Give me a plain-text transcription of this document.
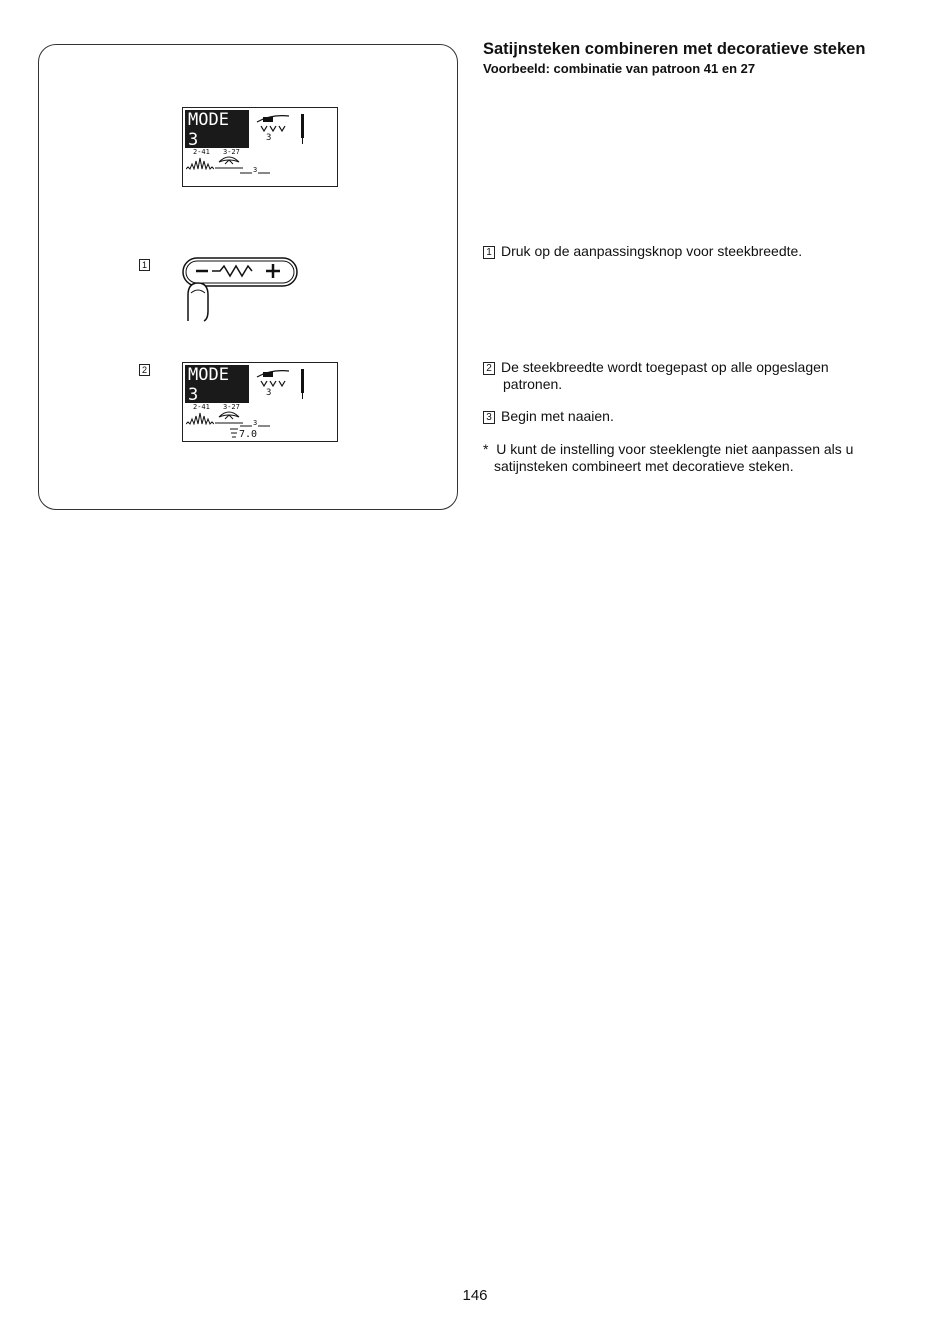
MODE 3	3
2-41 3-27
3
1
2 MODE 3	3
2-41 3-27
3
7.0
Satijnsteken combineren met decoratieve steken
Voorbeeld: combinatie van patroon 41 en 27
1 Druk op de aanpassingsknop voor steekbreedte.
2 De steekbreedte wordt toegepast op alle opgeslagen
patronen.
3 Begin met naaien.
* U kunt de instelling voor steeklengte niet aanpassen als u
satijnsteken combineert met decoratieve steken.
146
